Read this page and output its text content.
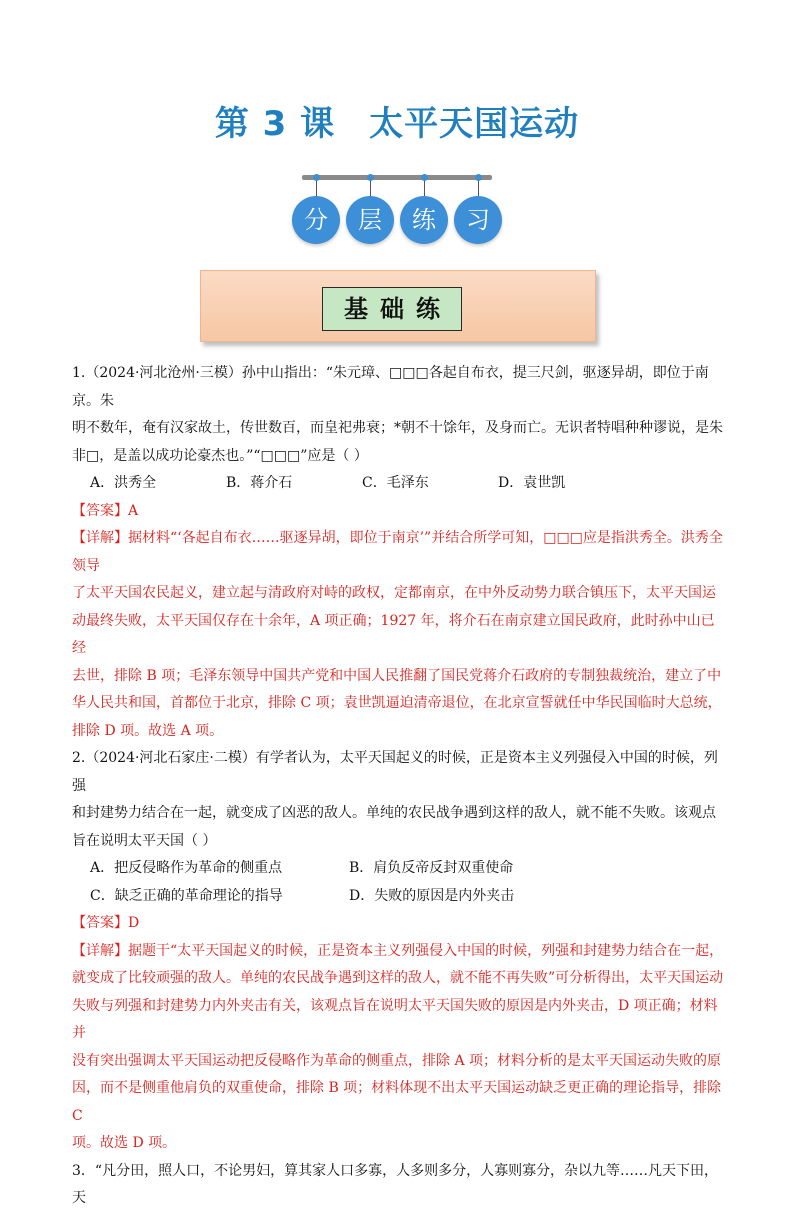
第 3 课 太平天国运动
分	层	练	习
基础练

1.（2024·河北沧州·三模）孙中山指出：“朱元璋、□□□各起自布衣，提三尺剑，驱逐异胡，即位于南京。朱

明不数年，奄有汉家故土，传世数百，而皇祀弗衰；*朝不十馀年，及身而亡。无识者特唱种种谬说，是朱

非□，是盖以成功论豪杰也。”“□□□”应是（ ）

A．洪秀全	B．蒋介石	C．毛泽东	D．袁世凯

【答案】A

【详解】据材料“‘各起自布衣……驱逐异胡，即位于南京’”并结合所学可知，□□□应是指洪秀全。洪秀全领导

了太平天国农民起义，建立起与清政府对峙的政权，定都南京，在中外反动势力联合镇压下，太平天国运

动最终失败，太平天国仅存在十余年，A 项正确；1927 年，将介石在南京建立国民政府，此时孙中山已经

去世，排除 B 项；毛泽东领导中国共产党和中国人民推翻了国民党蒋介石政府的专制独裁统治，建立了中

华人民共和国，首都位于北京，排除 C 项；袁世凯逼迫清帝退位，在北京宣誓就任中华民国临时大总统，

排除 D 项。故选 A 项。

2.（2024·河北石家庄·二模）有学者认为，太平天国起义的时候，正是资本主义列强侵入中国的时候，列强

和封建势力结合在一起，就变成了凶恶的敌人。单纯的农民战争遇到这样的敌人，就不能不失败。该观点

旨在说明太平天国（ ）

A．把反侵略作为革命的侧重点	B．肩负反帝反封双重使命
C．缺乏正确的革命理论的指导	D．失败的原因是内外夹击

【答案】D

【详解】据题干“太平天国起义的时候，正是资本主义列强侵入中国的时候，列强和封建势力结合在一起，

就变成了比较顽强的敌人。单纯的农民战争遇到这样的敌人，就不能不再失败”可分析得出，太平天国运动

失败与列强和封建势力内外夹击有关，该观点旨在说明太平天国失败的原因是内外夹击，D 项正确；材料并

没有突出强调太平天国运动把反侵略作为革命的侧重点，排除 A 项；材料分析的是太平天国运动失败的原

因，而不是侧重他肩负的双重使命，排除 B 项；材料体现不出太平天国运动缺乏更正确的理论指导，排除 C

项。故选 D 项。

3．“凡分田，照人口，不论男妇，算其家人口多寡，人多则多分，人寡则寡分，杂以九等……凡天下田，天
